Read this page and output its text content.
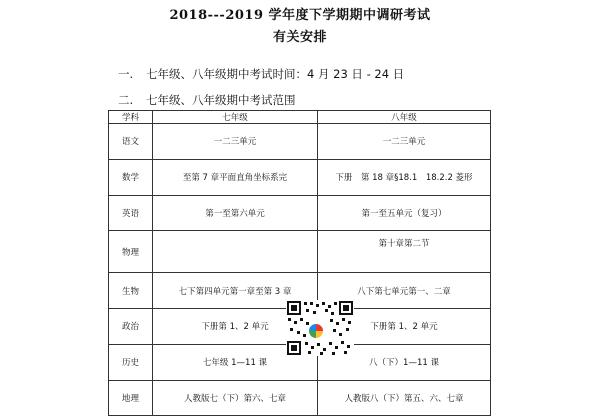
2018---2019 学年度下学期期中调研考试
有关安排
一. 七年级、八年级期中考试时间：4 月 23 日 - 24 日
二. 七年级、八年级期中考试范围
学科	七年级	八年级
语文	一二三单元	一二三单元
数学	至第 7 章平面直角坐标系完	下册　第 18 章§18.1　18.2.2 菱形
英语	第一至第六单元	第一至五单元（复习）
物理		第十章第二节
生物	七下第四单元第一章至第 3 章	八下第七单元第一、二章
政治	下册第 1、2 单元	下册第 1、2 单元
历史	七年级 1—11 课	八（下）1—11 课
地理	人教版七（下）第六、七章	人教版八（下）第五、六、七章
